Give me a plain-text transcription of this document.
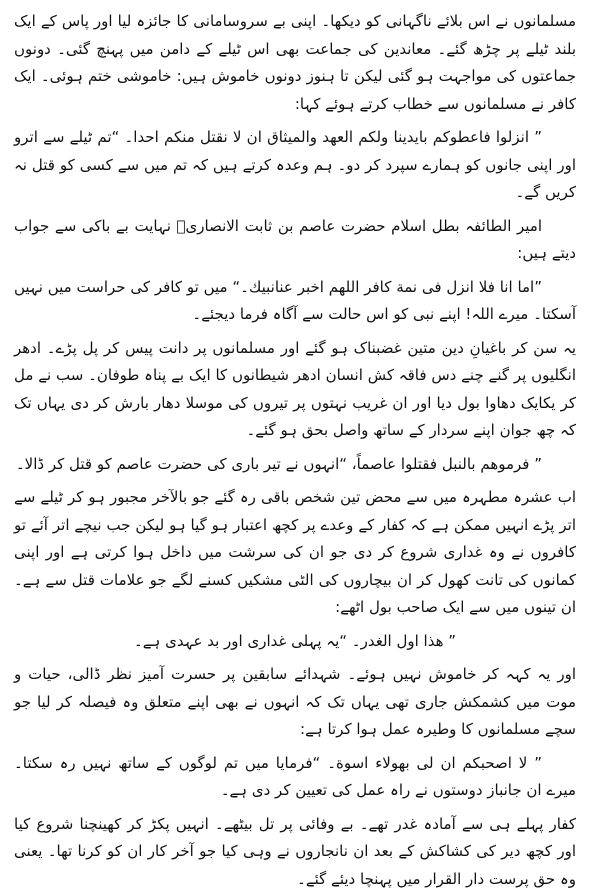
مسلمانوں نے اس بلائے ناگہانی کو دیکھا۔ اپنی بے سروسامانی کا جائزہ لیا اور پاس کے ایک بلند ٹیلے پر چڑھ گئے۔ معاندین کی جماعت بھی اس ٹیلے کے دامن میں پہنچ گئی۔ دونوں جماعتوں کی مواجہت ہو گئی لیکن تا ہنوز دونوں خاموش ہیں: خاموشی ختم ہوئی۔ ایک کافر نے مسلمانوں سے خطاب کرتے ہوئے کہا:

” انزلوا فاعطوکم بایدینا ولکم العهد والمیثاق ان لا نقتل منکم احدا۔ “تم ٹیلے سے اترو اور اپنی جانوں کو ہمارے سپرد کر دو۔ ہم وعدہ کرتے ہیں کہ تم میں سے کسی کو قتل نہ کریں گے۔

امیر الطائفہ بطل اسلام حضرت عاصم بن ثابت الانصاریؓ نہایت بے باکی سے جواب دیتے ہیں:

”اما انا فلا انزل فی نمة کافر اللهم اخبر عنانبیك۔“ میں تو کافر کی حراست میں نہیں آسکتا۔ میرے اللہ! اپنے نبی کو اس حالت سے آگاہ فرما دیجئے۔

یہ سن کر باغیانِ دین متین غضبناک ہو گئے اور مسلمانوں پر دانت پیس کر پل پڑے۔ ادھر انگلیوں پر گنے چنے دس فاقہ کش انسان ادھر شیطانوں کا ایک بے پناہ طوفان۔ سب نے مل کر یکایک دھاوا بول دیا اور ان غریب نہتوں پر تیروں کی موسلا دھار بارش کر دی یہاں تک کہ چھ جوان اپنے سردار کے ساتھ واصل بحق ہو گئے۔

” فرموهم بالنبل فقتلوا عاصماً، “انہوں نے تیر باری کی حضرت عاصم کو قتل کر ڈالا۔

اب عشرہ مطہرہ میں سے محض تین شخص باقی رہ گئے جو بالآخر مجبور ہو کر ٹیلے سے اتر پڑے انہیں ممکن ہے کہ کفار کے وعدے پر کچھ اعتبار ہو گیا ہو لیکن جب نیچے اتر آئے تو کافروں نے وہ غداری شروع کر دی جو ان کی سرشت میں داخل ہوا کرتی ہے اور اپنی کمانوں کی تانت کھول کر ان بیچاروں کی الٹی مشکیں کسنے لگے جو علامات قتل سے ہے۔ ان تینوں میں سے ایک صاحب بول اٹھے:

” هذا اول الغدر۔ “یہ پہلی غداری اور بد عہدی ہے۔

اور یہ کہہ کر خاموش نہیں ہوئے۔ شہدائے سابقین پر حسرت آمیز نظر ڈالی، حیات و موت میں کشمکش جاری تھی یہاں تک کہ انہوں نے بھی اپنے متعلق وہ فیصلہ کر لیا جو سچے مسلمانوں کا وطیرہ عمل ہوا کرتا ہے:

” لا اصحبکم ان لی بهولاء اسوة۔ “فرمایا میں تم لوگوں کے ساتھ نہیں رہ سکتا۔ میرے ان جانباز دوستوں نے راہ عمل کی تعیین کر دی ہے۔

کفار پہلے ہی سے آمادہ غدر تھے۔ بے وفائی پر تل بیٹھے۔ انہیں پکڑ کر کھینچنا شروع کیا اور کچھ دیر کی کشاکش کے بعد ان نانجاروں نے وہی کیا جو آخر کار ان کو کرنا تھا۔ یعنی وہ حق پرست دار القرار میں پہنچا دیئے گئے۔
